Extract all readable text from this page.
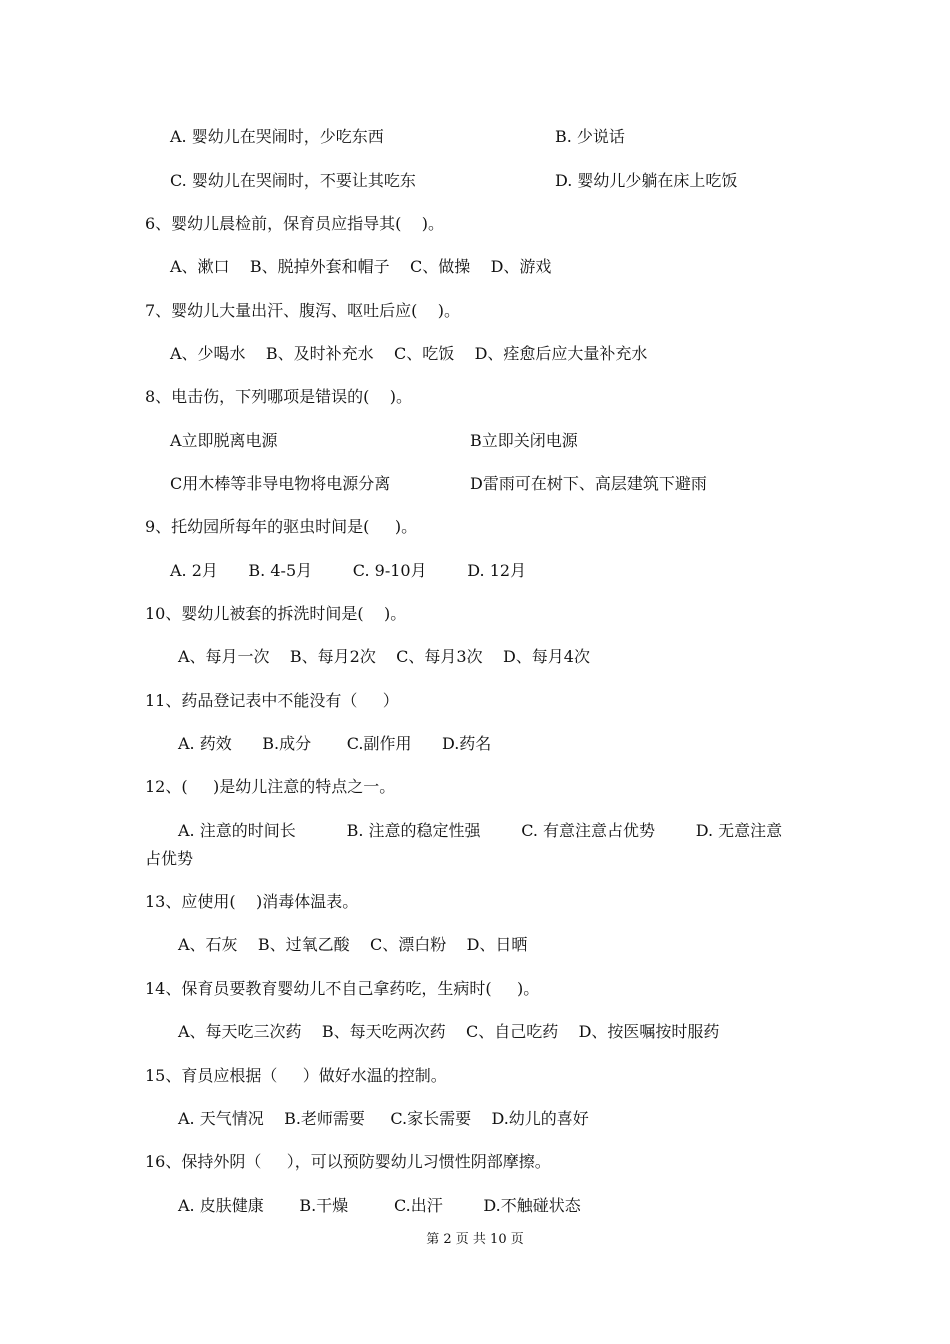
A. 婴幼儿在哭闹时，少吃东西	B. 少说话
C. 婴幼儿在哭闹时，不要让其吃东	D. 婴幼儿少躺在床上吃饭
6、婴幼儿晨检前，保育员应指导其(    )。
A、漱口    B、脱掉外套和帽子    C、做操    D、游戏
7、婴幼儿大量出汗、腹泻、呕吐后应(    )。
A、少喝水    B、及时补充水    C、吃饭    D、痊愈后应大量补充水
8、电击伤，下列哪项是错误的(    )。
A立即脱离电源	B立即关闭电源
C用木棒等非导电物将电源分离	D雷雨可在树下、高层建筑下避雨
9、托幼园所每年的驱虫时间是(     )。
A. 2月      B. 4-5月        C. 9-10月        D. 12月
10、婴幼儿被套的拆洗时间是(    )。
A、每月一次    B、每月2次    C、每月3次    D、每月4次
11、药品登记表中不能没有（     ）
A. 药效      B.成分       C.副作用      D.药名
12、(     )是幼儿注意的特点之一。
A. 注意的时间长          B. 注意的稳定性强        C. 有意注意占优势        D. 无意注意
占优势
13、应使用(    )消毒体温表。
A、石灰    B、过氧乙酸    C、漂白粉    D、日晒
14、保育员要教育婴幼儿不自己拿药吃，生病时(     )。
A、每天吃三次药    B、每天吃两次药    C、自己吃药    D、按医嘱按时服药
15、育员应根据（     ）做好水温的控制。
A. 天气情况    B.老师需要     C.家长需要    D.幼儿的喜好
16、保持外阴（     ），可以预防婴幼儿习惯性阴部摩擦。
A. 皮肤健康       B.干燥         C.出汗        D.不触碰状态
第 2 页 共 10 页
